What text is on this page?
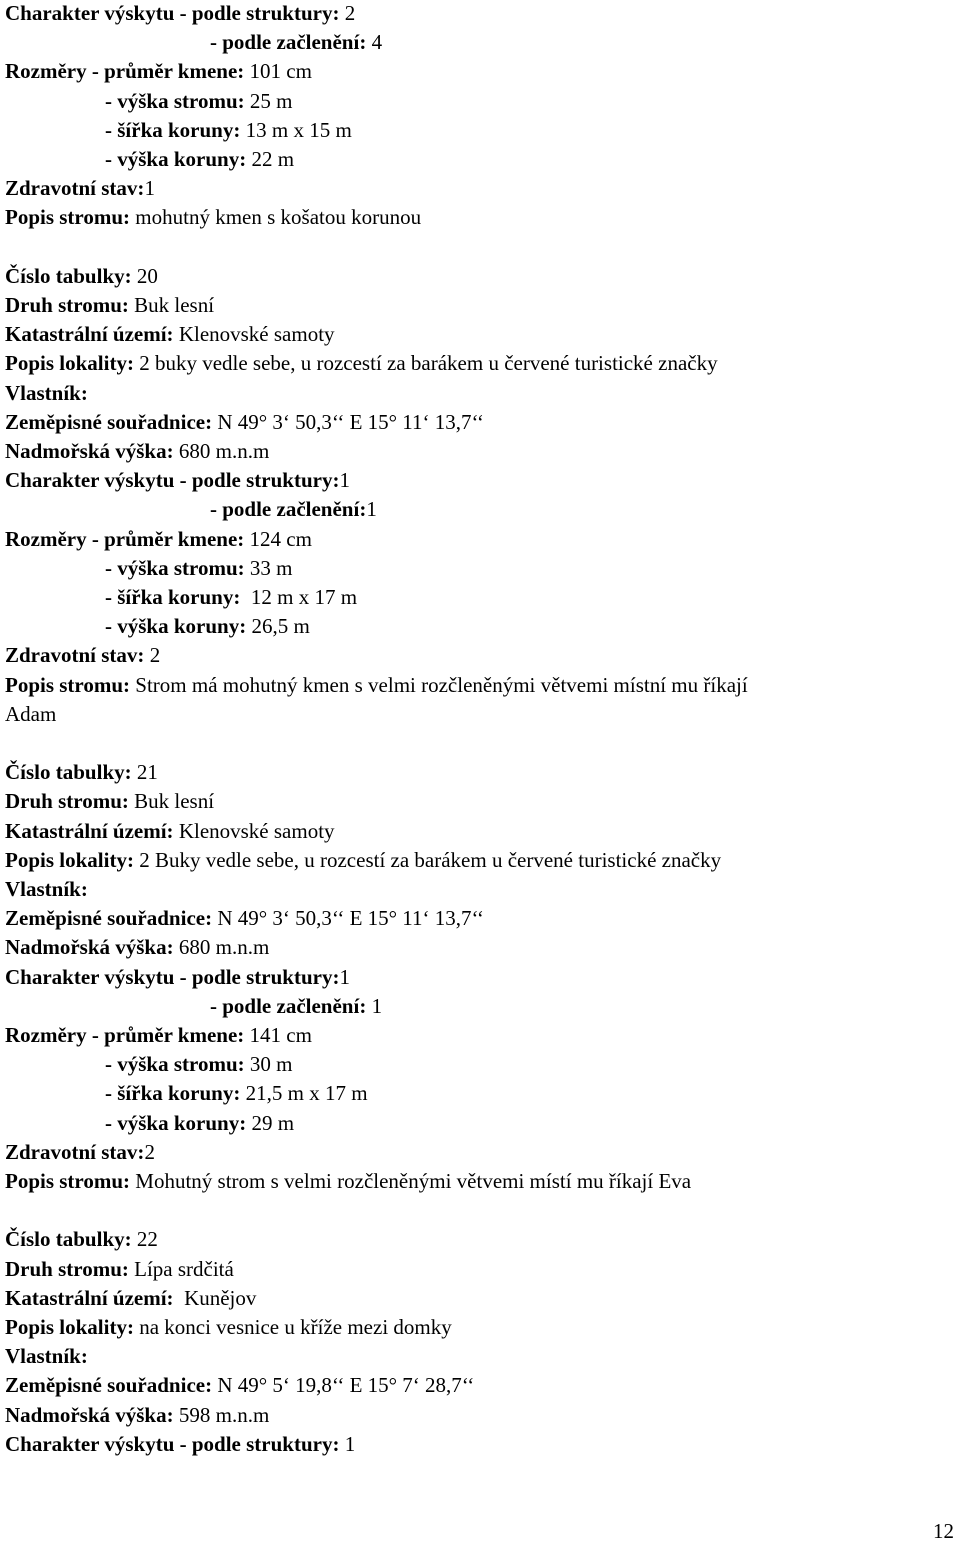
Charakter výskytu - podle struktury: 2
- podle začlenění: 4
Rozměry - průměr kmene: 101 cm
- výška stromu: 25 m
- šířka koruny: 13 m x 15 m
- výška koruny: 22 m
Zdravotní stav:1
Popis stromu: mohutný kmen s košatou korunou
Číslo tabulky: 20
Druh stromu: Buk lesní
Katastrální území: Klenovské samoty
Popis lokality: 2 buky vedle sebe, u rozcestí za barákem u červené turistické značky
Vlastník:
Zeměpisné souřadnice: N 49° 3‘ 50,3‘‘ E 15° 11‘ 13,7‘‘
Nadmořská výška: 680 m.n.m
Charakter výskytu - podle struktury:1
- podle začlenění:1
Rozměry - průměr kmene: 124 cm
- výška stromu: 33 m
- šířka koruny:  12 m x 17 m
- výška koruny: 26,5 m
Zdravotní stav: 2
Popis stromu: Strom má mohutný kmen s velmi rozčleněnými větvemi místní mu říkají
Adam
Číslo tabulky: 21
Druh stromu: Buk lesní
Katastrální území: Klenovské samoty
Popis lokality: 2 Buky vedle sebe, u rozcestí za barákem u červené turistické značky
Vlastník:
Zeměpisné souřadnice: N 49° 3‘ 50,3‘‘ E 15° 11‘ 13,7‘‘
Nadmořská výška: 680 m.n.m
Charakter výskytu - podle struktury:1
- podle začlenění: 1
Rozměry - průměr kmene: 141 cm
- výška stromu: 30 m
- šířka koruny: 21,5 m x 17 m
- výška koruny: 29 m
Zdravotní stav:2
Popis stromu: Mohutný strom s velmi rozčleněnými větvemi místí mu říkají Eva
Číslo tabulky: 22
Druh stromu: Lípa srdčitá
Katastrální území:  Kunějov
Popis lokality: na konci vesnice u kříže mezi domky
Vlastník:
Zeměpisné souřadnice: N 49° 5‘ 19,8‘‘ E 15° 7‘ 28,7‘‘
Nadmořská výška: 598 m.n.m
Charakter výskytu - podle struktury: 1
12
